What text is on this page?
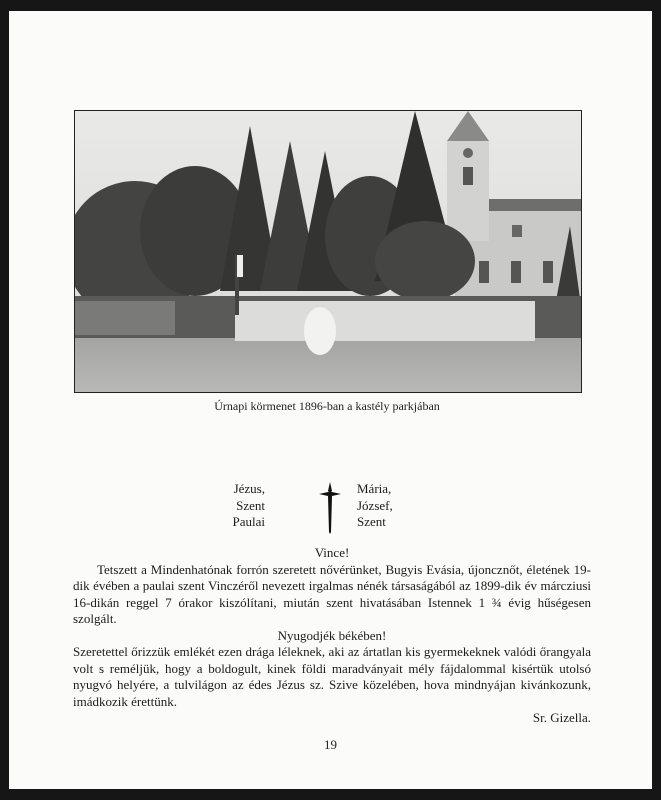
Úrnapi körmenet 1896-ban a kastély parkjában
Jézus,
Szent
Paulai
Mária,
József,
Szent
Vince!
Tetszett a Mindenhatónak forrón szeretett nővérünket, Bugyis Evásia, újoncznőt, életének 19-dik évében a paulai szent Vinczéről nevezett irgalmas nénék társaságából az 1899-dik év márcziusi 16-dikán reggel 7 órakor kiszólítani, miután szent hivatásában Istennek 1 ¾ évig hűségesen szolgált.
Nyugodjék békében!
Szeretettel őrizzük emlékét ezen drága léleknek, aki az ártatlan kis gyermekeknek valódi őrangyala volt s reméljük, hogy a boldogult, kinek földi maradványait mély fájdalommal kisértük utolsó nyugvó helyére, a tulvilágon az édes Jézus sz. Szive közelében, hova mindnyájan kivánkozunk, imádkozik érettünk.
Sr. Gizella.
19
